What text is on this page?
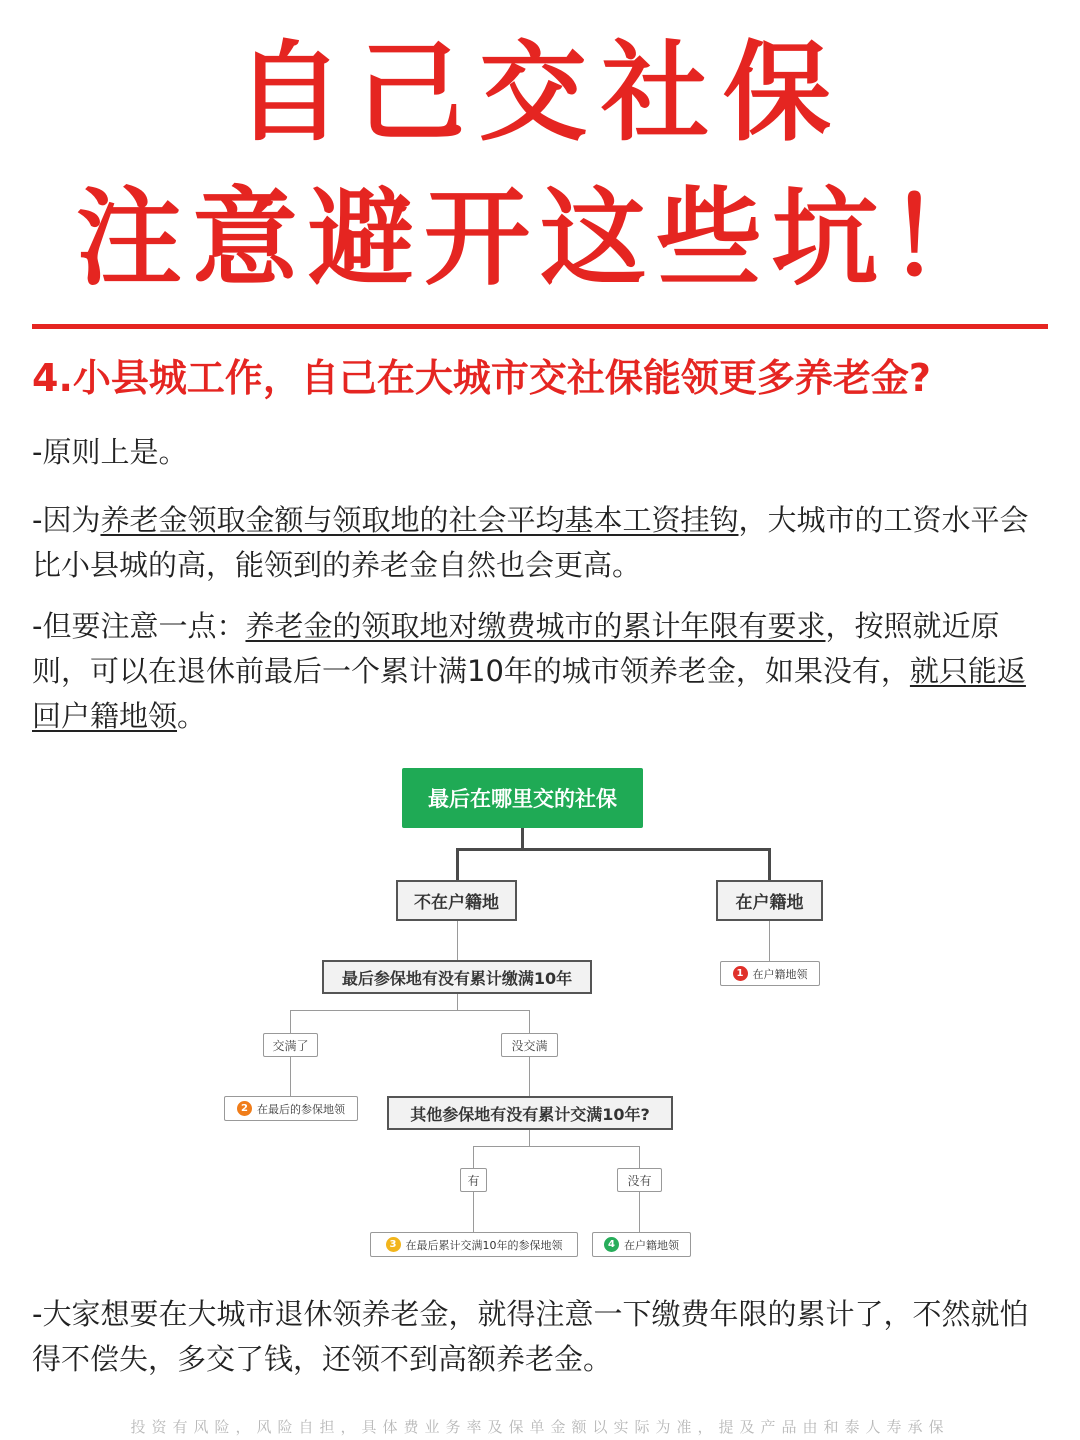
自己交社保
注意避开这些坑！
4.小县城工作，自己在大城市交社保能领更多养老金?

-原则上是。

-因为养老金领取金额与领取地的社会平均基本工资挂钩，大城市的工资水平会比小县城的高，能领到的养老金自然也会更高。

-但要注意一点：养老金的领取地对缴费城市的累计年限有要求，按照就近原则，可以在退休前最后一个累计满10年的城市领养老金，如果没有，就只能返回户籍地领。

最后在哪里交的社保
不在户籍地	在户籍地
最后参保地有没有累计缴满10年	1 在户籍地领
交满了	没交满
2 在最后的参保地领	其他参保地有没有累计交满10年?
有	没有
3 在最后累计交满10年的参保地领	4 在户籍地领

-大家想要在大城市退休领养老金，就得注意一下缴费年限的累计了，不然就怕得不偿失，多交了钱，还领不到高额养老金。

投资有风险，风险自担，具体费业务率及保单金额以实际为准，提及产品由和泰人寿承保
